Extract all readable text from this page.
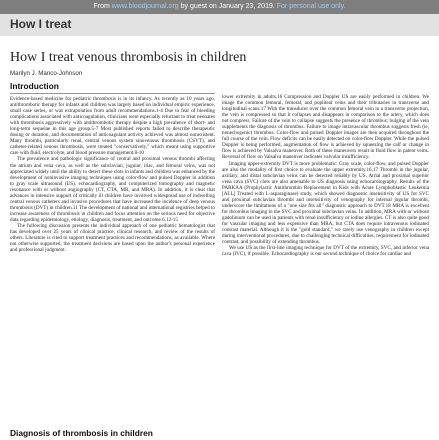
From www.bloodjournal.org by guest on January 23, 2019. For personal use only.
How I treat
How I treat venous thrombosis in children
Marilyn J. Manco-Johnson
Introduction

Evidence-based medicine for pediatric thrombosis is in its infancy. As recently as 10 years ago, antithrombotic therapy for infants and children was largely based on individual empiric experience, small case series, or was extrapolation from adult recommendations.1-4 Due to fear of bleeding complications associated with anticoagulation, clinicians were especially reluctant to treat neonates with thrombosis aggressively with antithrombotic therapy despite a high prevalence of short- and long-term sequelae in this age group.5-7 Most published reports failed to describe therapeutic dosing or duration, and documentation of anticoagulant activity achieved was almost nonexistent. Many thrombi, particularly renal, central venous system sinovenous thrombosis (CSVT), and catheter-related venous thrombosis, were treated "conservatively," which meant using supportive care with fluid, electrolyte, and blood pressure management.8-10

The prevalence and pathologic significance of central and proximal venous thrombi affecting the atrium and vena cava, as well as the subclavian, jugular, iliac, and femoral veins, was not appreciated widely until the ability to detect these clots in infants and children was enhanced by the development of noninvasive imaging techniques using color-flow and pulsed Doppler in addition to gray scale ultrasound (US), echocardiography, and computerized tomography and magnetic resonance with or without angiography (CT, CTA, MR, and MRA). In addition, it is clear that advances in intensive support of critically ill children have involved widespread use of indwelling central venous catheters and invasive procedures that have increased the incidence of deep venous thrombosis (DVT) in children.11 The development of national and international registries helped to increase awareness of thrombosis in children and focus attention on the serious need for objective data regarding epidemiology, etiology, diagnosis, treatment, and outcome.6,12-15

The following discussion presents the individual approach of one pediatric hematologist that has developed over 25 years of clinical practice, clinical research, and review of the results of others. Literature is cited to support treatment practices and recommendations, as available. Where not otherwise supported, the treatment decisions are based upon the author's personal experience and professional judgment.

lower extremity in adults.16 Compression and Doppler US are easily performed in children. We image the common femoral, femoral, and popliteal veins and their tributaries in transverse and longitudinal scans.17 With the transducer over the common femoral vein in a transverse projection, the vein is compressed so that it collapses and disappears in comparison to the artery, which does not compress. Failure of the vein to collapse suggests the presence of thrombus; bulging of the vein supplements the diagnosis of thrombus. Failure to image intravascular thrombus suggests fresh (ie, nonechogenic) thrombus. Color-flow and pulsed Doppler images are then acquired throughout the full course of the vein. Flow deficits can be easily detected on color-flow Doppler. While the pulsed Doppler is being performed, augmentation of flow is achieved by squeezing the calf or change in flow is achieved by Valsalva maneuver. Both of these maneuvers result in fluid flow in patent veins. Reversal of flow on Valsalva maneuver indicates valvular insufficiency.

Imaging upper-extremity DVT is more problematic: Gray scale, color-flow, and pulsed Doppler are also the modality of first choice to evaluate the upper extremity.16,17 Thrombi in the jugular, axillary, and distal subclavian veins can be detected reliably by US. Atrial and proximal superior vena cava (SVC) clots are also amenable to US diagnosis using echocardiography. Results of the PARKAA (Prophylactic Antithrombin Replacement in Kids with Acute Lymphoblastic Leukemia [ALL] Treated with L-asparaginase) study, which showed diagnostic insensitivity of US for SVC and proximal subclavian thrombi and insensitivity of venography for internal jugular thrombi, underscore the limitations of a "one size fits all" diagnostic approach to DVT.18 MRA is excellent for thrombus imaging in the SVC and proximal subclavian veins. In addition, MRA with or without gadolinium can be used in patients with renal insufficiency or iodine allergies. CT is also quite good for vascular imaging and less expensive than MRA, but CTA does require intravenous iodinated contrast material. Although it is the "gold standard," we rarely use venography in children except during interventional procedures, due to challenging technical difficulties, requirement for iodinated contrast, and possibility of extending thrombus.

We use US as the first-line imaging technique for DVT of the extremity, SVC, and inferior vena cava (IVC), if possible. Echocardiography is our second technique of choice for cardiac and

Diagnosis of thrombosis in children
